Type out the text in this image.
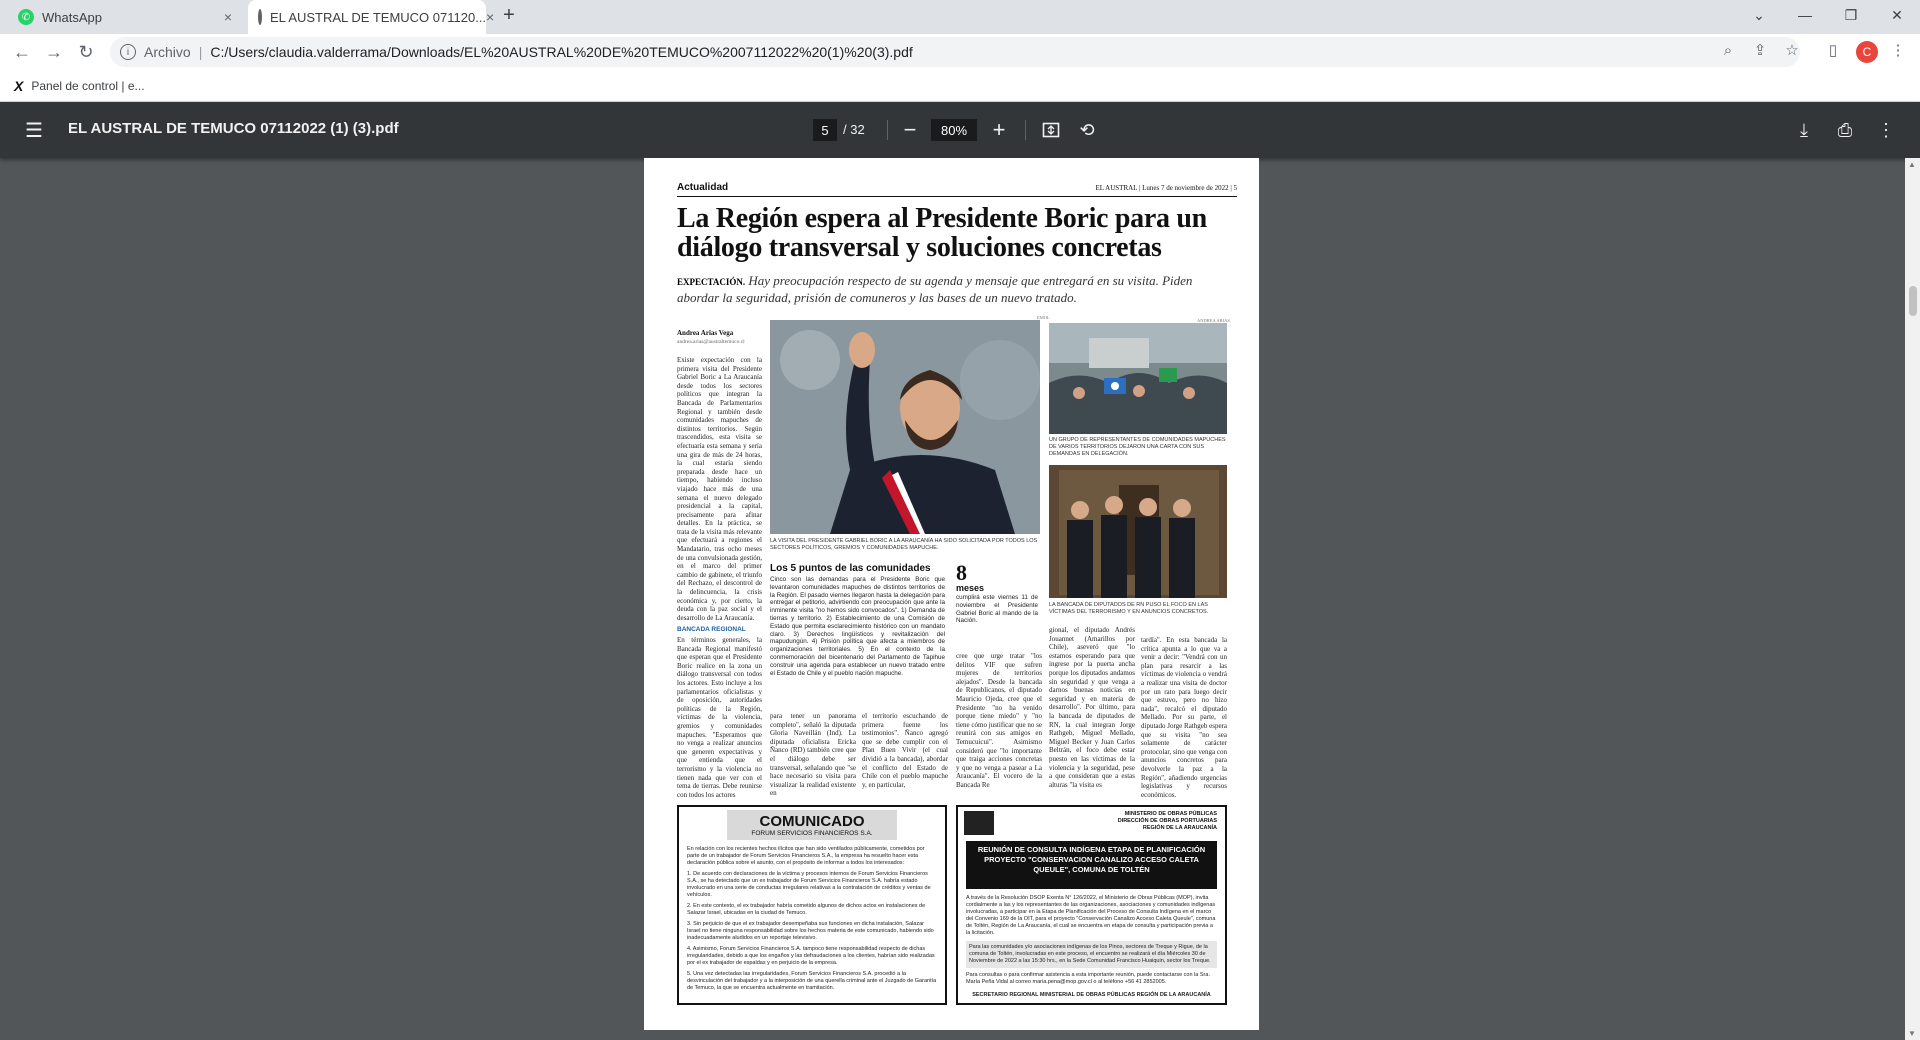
✆ WhatsApp	×	EL AUSTRAL DE TEMUCO 071120... × +	⌄	—	❐	✕
← → ↻	i	Archivo | C:/Users/claudia.valderrama/Downloads/EL%20AUSTRAL%20DE%20TEMUCO%2007112022%20(1)%20(3).pdf	⌕	⇪ ☆	▯	C	⋮
X Panel de control | e...
☰	EL AUSTRAL DE TEMUCO 07112022 (1) (3).pdf	5	/ 32	−	80%	+	⟲	⤓	⎙	⋮
Actualidad	EL AUSTRAL | Lunes 7 de noviembre de 2022 | 5
La Región espera al Presidente Boric para un diálogo transversal y soluciones concretas
EXPECTACIÓN. Hay preocupación respecto de su agenda y mensaje que entregará en su visita. Piden abordar la seguridad, prisión de comuneros y las bases de un nuevo tratado.
Andrea Arias Vega
andrea.arias@australtemuco.cl
Existe expectación con la primera visita del Presidente Gabriel Boric a La Araucanía desde todos los sectores políticos que integran la Bancada de Parlamentarios Regional y también desde comunidades mapuches de distintos territorios. Según trascendidos, esta visita se efectuaría esta semana y sería una gira de más de 24 horas, la cual estaría siendo preparada desde hace un tiempo, habiendo incluso viajado hace más de una semana el nuevo delegado presidencial a la capital, precisamente para afinar detalles. En la práctica, se trata de la visita más relevante que efectuará a regiones el Mandatario, tras ocho meses de una convulsionada gestión, en el marco del primer cambio de gabinete, el triunfo del Rechazo, el descontrol de la delincuencia, la crisis económica y, por cierto, la deuda con la paz social y el desarrollo de La Araucanía.
BANCADA REGIONAL
En términos generales, la Bancada Regional manifestó que esperan que el Presidente Boric realice en la zona un diálogo transversal con todos los actores. Esto incluye a los parlamentarios oficialistas y de oposición, autoridades políticas de la Región, víctimas de la violencia, gremios y comunidades mapuches. "Esperamos que no venga a realizar anuncios que generen expectativas y que entienda que el terrorismo y la violencia no tienen nada que ver con el tema de tierras. Debe reunirse con todos los actores
EMOL
LA VISITA DEL PRESIDENTE GABRIEL BORIC A LA ARAUCANÍA HA SIDO SOLICITADA POR TODOS LOS SECTORES POLÍTICOS, GREMIOS Y COMUNIDADES MAPUCHE.
Los 5 puntos de las comunidades
Cinco son las demandas para el Presidente Boric que levantaron comunidades mapuches de distintos territorios de la Región. El pasado viernes llegaron hasta la delegación para entregar el petitorio, advirtiendo con preocupación que ante la inminente visita "no hemos sido convocados". 1) Demanda de tierras y territorio. 2) Establecimiento de una Comisión de Estado que permita esclarecimiento histórico con un mandato claro. 3) Derechos lingüísticos y revitalización del mapudungún. 4) Prisión política que afecta a miembros de organizaciones territoriales. 5) En el contexto de la conmemoración del bicentenario del Parlamento de Tapihue construir una agenda para establecer un nuevo tratado entre el Estado de Chile y el pueblo nación mapuche.
8
meses
cumplirá este viernes 11 de noviembre el Presidente Gabriel Boric al mando de la Nación.
ANDREA ARIAS
UN GRUPO DE REPRESENTANTES DE COMUNIDADES MAPUCHES DE VARIOS TERRITORIOS DEJARON UNA CARTA CON SUS DEMANDAS EN DELEGACIÓN.
LA BANCADA DE DIPUTADOS DE RN PUSO EL FOCO EN LAS VÍCTIMAS DEL TERRORISMO Y EN ANUNCIOS CONCRETOS.
para tener un panorama completo", señaló la diputada Gloria Naveillán (Ind). La diputada oficialista Ericka Ñanco (RD) también cree que el diálogo debe ser transversal, señalando que "se hace necesario su visita para visualizar la realidad existente en
el territorio escuchando de primera fuente los testimonios". Ñanco agregó que se debe cumplir con el Plan Buen Vivir (el cual dividió a la bancada), abordar el conflicto del Estado de Chile con el pueblo mapuche y, en particular,
cree que urge tratar "los delitos VIF que sufren mujeres de territorios alejados". Desde la bancada de Republicanos, el diputado Mauricio Ojeda, cree que el Presidente "no ha venido porque tiene miedo" y "no tiene cómo justificar que no se reunirá con sus amigos en Temucuicui". Asimismo consideró que "lo importante que traiga acciones concretas y que no venga a pasear a La Araucanía". El vocero de la Bancada Re
gional, el diputado Andrés Jouannet (Amarillos por Chile), aseveró que "lo estamos esperando para que ingrese por la puerta ancha porque los diputados andamos sin seguridad y que venga a darnos buenas noticias en seguridad y en materia de desarrollo". Por último, para la bancada de diputados de RN, la cual integran Jorge Rathgeb, Miguel Mellado, Miguel Becker y Juan Carlos Beltrán, el foco debe estar puesto en las víctimas de la violencia y la seguridad, pese a que consideran que a estas alturas "la visita es
tardía". En esta bancada la crítica apunta a lo que va a venir a decir: "Vendrá con un plan para resarcir a las víctimas de violencia o vendrá a realizar una visita de doctor por un rato para luego decir que estuvo, pero no hizo nada", recalcó el diputado Mellado. Por su parte, el diputado Jorge Rathgeb espera que su visita "no sea solamente de carácter protocolar, sino que venga con anuncios concretos para devolverle la paz a la Región", añadiendo urgencias legislativas y recursos económicos.
COMUNICADO
FORUM SERVICIOS FINANCIEROS S.A.

En relación con los recientes hechos ilícitos que han sido ventilados públicamente, cometidos por parte de un trabajador de Forum Servicios Financieros S.A., la empresa ha resuelto hacer esta declaración pública sobre el asunto, con el propósito de informar a todos los interesados:

1. De acuerdo con declaraciones de la víctima y procesos internos de Forum Servicios Financieros S.A., se ha detectado que un ex trabajador de Forum Servicios Financieros S.A. habría estado involucrado en una serie de conductas irregulares relativas a la contratación de créditos y ventas de vehículos.

2. En este contexto, el ex trabajador habría cometido algunos de dichos actos en instalaciones de Salazar Israel, ubicadas en la ciudad de Temuco.

3. Sin perjuicio de que el ex trabajador desempeñaba sus funciones en dicha instalación, Salazar Israel no tiene ninguna responsabilidad sobre los hechos materia de este comunicado, habiendo sido inadecuadamente aludidos en un reportaje televisivo.

4. Asimismo, Forum Servicios Financieros S.A. tampoco tiene responsabilidad respecto de dichas irregularidades, debido a que los engaños y las defraudaciones a los clientes, habrían sido realizadas por el ex trabajador de espaldas y en perjuicio de la empresa.

5. Una vez detectadas las irregularidades, Forum Servicios Financieros S.A. procedió a la desvinculación del trabajador y a la interposición de una querella criminal ante el Juzgado de Garantía de Temuco, la que se encuentra actualmente en tramitación.

MINISTERIO DE OBRAS PÚBLICAS
DIRECCIÓN DE OBRAS PORTUARIAS
REGIÓN DE LA ARAUCANÍA
REUNIÓN DE CONSULTA INDÍGENA ETAPA DE PLANIFICACIÓN PROYECTO "CONSERVACION CANALIZO ACCESO CALETA QUEULE", COMUNA DE TOLTÉN

A través de la Resolución DSOP Exenta N° 126/2022, el Ministerio de Obras Públicas (MOP), invita cordialmente a las y los representantes de las organizaciones, asociaciones y comunidades indígenas involucradas, a participar en la Etapa de Planificación del Proceso de Consulta Indígena en el marco del Convenio 169 de la OIT, para el proyecto "Conservación Canalizo Acceso Caleta Queule", comuna de Toltén, Región de La Araucanía, el cual se encuentra en etapa de consulta y participación previa a la licitación.

Para las comunidades y/o asociaciones indígenas de los Pinos, sectores de Treque y Rigue, de la comuna de Toltén, involucradas en este proceso, el encuentro se realizará el día Miércoles 30 de Noviembre de 2022 a las 15:30 hrs., en la Sede Comunidad Francisco Huaiquin, sector los Treque.

Para consultas o para confirmar asistencia a esta importante reunión, puede contactarse con la Sra. María Peña Vidal al correo maria.pena@mop.gov.cl o al teléfono +56 41 2852005.

SECRETARIO REGIONAL MINISTERIAL DE OBRAS PÚBLICAS REGIÓN DE LA ARAUCANÍA

▲
▼
